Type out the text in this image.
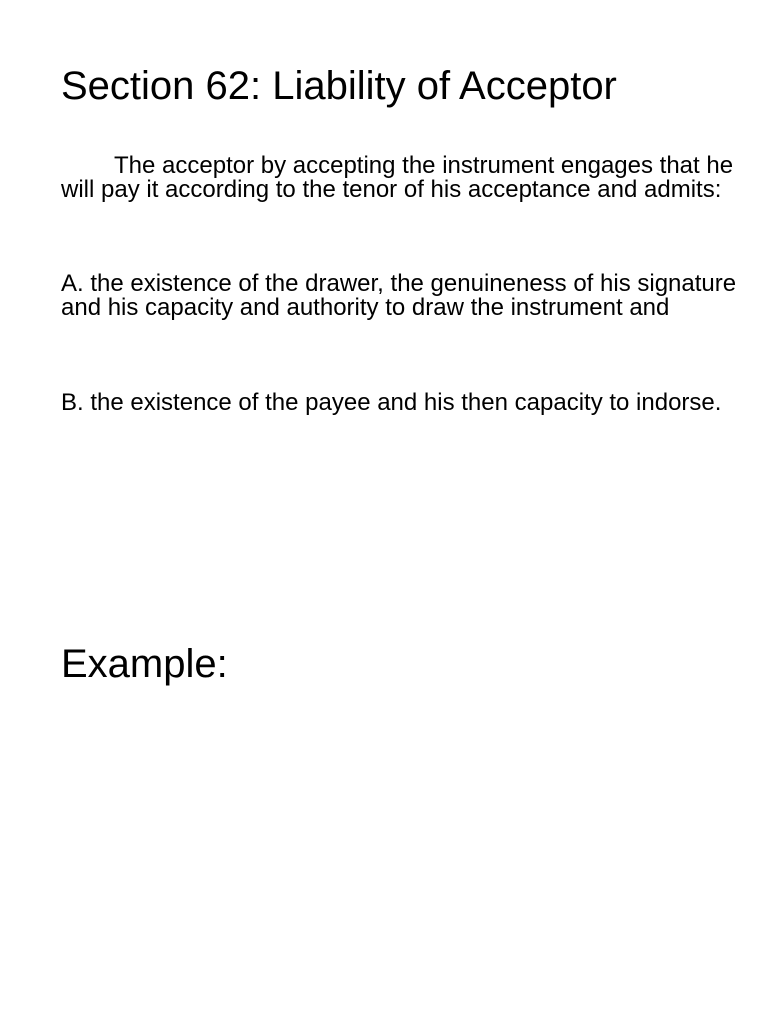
Section 62: Liability of Acceptor

The acceptor by accepting the instrument engages that he will pay it according to the tenor of his acceptance and admits:

A. the existence of the drawer, the genuineness of his signature and his capacity and authority to draw the instrument and

B. the existence of the payee and his then capacity to indorse.

Example:
